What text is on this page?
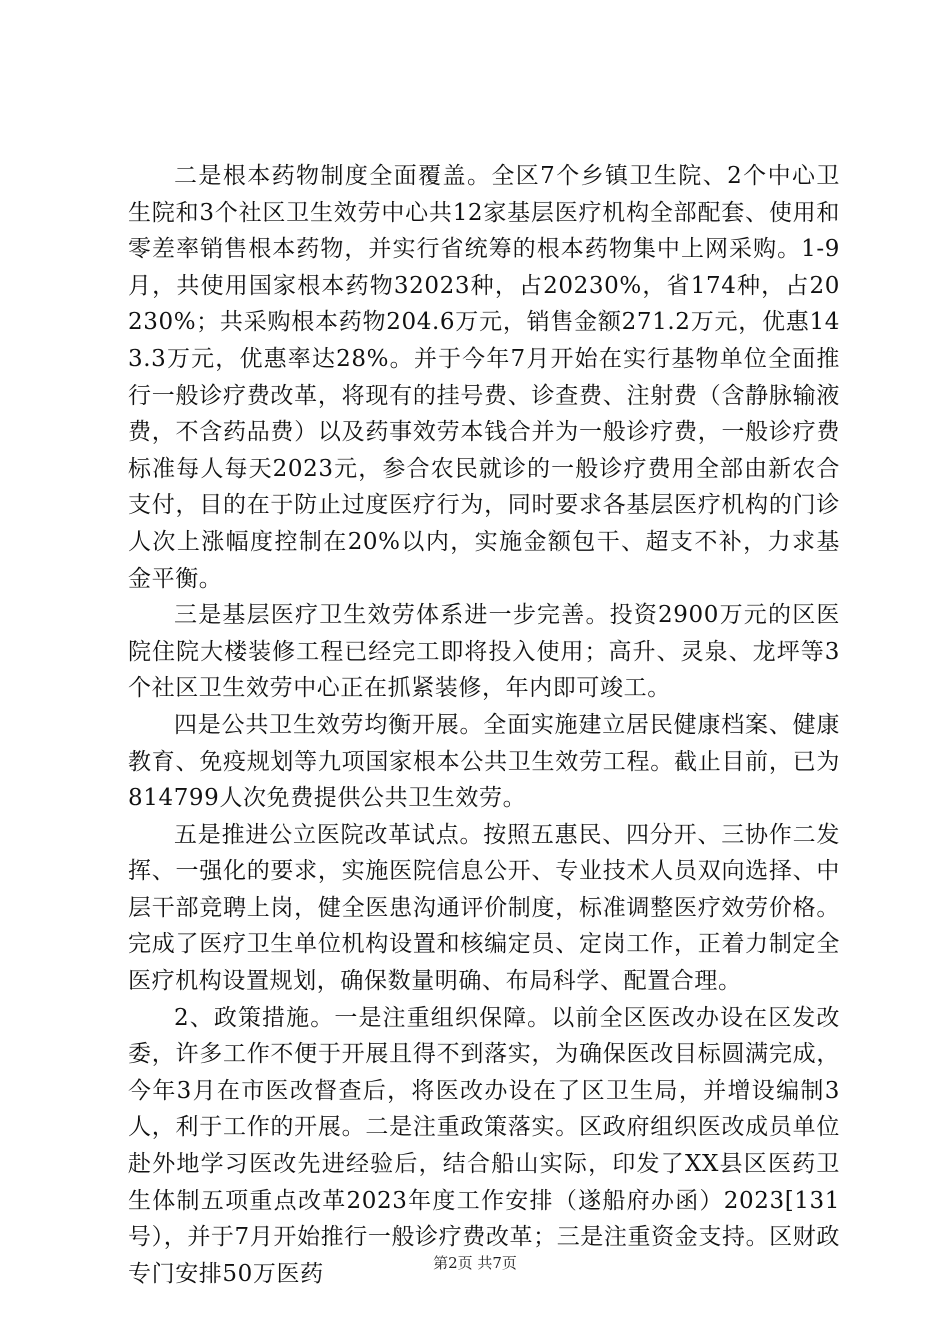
二是根本药物制度全面覆盖。全区7个乡镇卫生院、2个中心卫生院和3个社区卫生效劳中心共12家基层医疗机构全部配套、使用和零差率销售根本药物，并实行省统筹的根本药物集中上网采购。1-9月，共使用国家根本药物32023种，占20230%，省174种，占20230%；共采购根本药物204.6万元，销售金额271.2万元，优惠143.3万元，优惠率达28%。并于今年7月开始在实行基物单位全面推行一般诊疗费改革，将现有的挂号费、诊查费、注射费（含静脉输液费，不含药品费）以及药事效劳本钱合并为一般诊疗费，一般诊疗费标准每人每天2023元，参合农民就诊的一般诊疗费用全部由新农合支付，目的在于防止过度医疗行为，同时要求各基层医疗机构的门诊人次上涨幅度控制在20%以内，实施金额包干、超支不补，力求基金平衡。

三是基层医疗卫生效劳体系进一步完善。投资2900万元的区医院住院大楼装修工程已经完工即将投入使用；高升、灵泉、龙坪等3个社区卫生效劳中心正在抓紧装修，年内即可竣工。

四是公共卫生效劳均衡开展。全面实施建立居民健康档案、健康教育、免疫规划等九项国家根本公共卫生效劳工程。截止目前，已为814799人次免费提供公共卫生效劳。

五是推进公立医院改革试点。按照五惠民、四分开、三协作二发挥、一强化的要求，实施医院信息公开、专业技术人员双向选择、中层干部竞聘上岗，健全医患沟通评价制度，标准调整医疗效劳价格。完成了医疗卫生单位机构设置和核编定员、定岗工作，正着力制定全医疗机构设置规划，确保数量明确、布局科学、配置合理。

2、政策措施。一是注重组织保障。以前全区医改办设在区发改委，许多工作不便于开展且得不到落实，为确保医改目标圆满完成，今年3月在市医改督查后，将医改办设在了区卫生局，并增设编制3人，利于工作的开展。二是注重政策落实。区政府组织医改成员单位赴外地学习医改先进经验后，结合船山实际，印发了XX县区医药卫生体制五项重点改革2023年度工作安排（遂船府办函）2023[131号），并于7月开始推行一般诊疗费改革；三是注重资金支持。区财政专门安排50万医药	第2页 共7页
